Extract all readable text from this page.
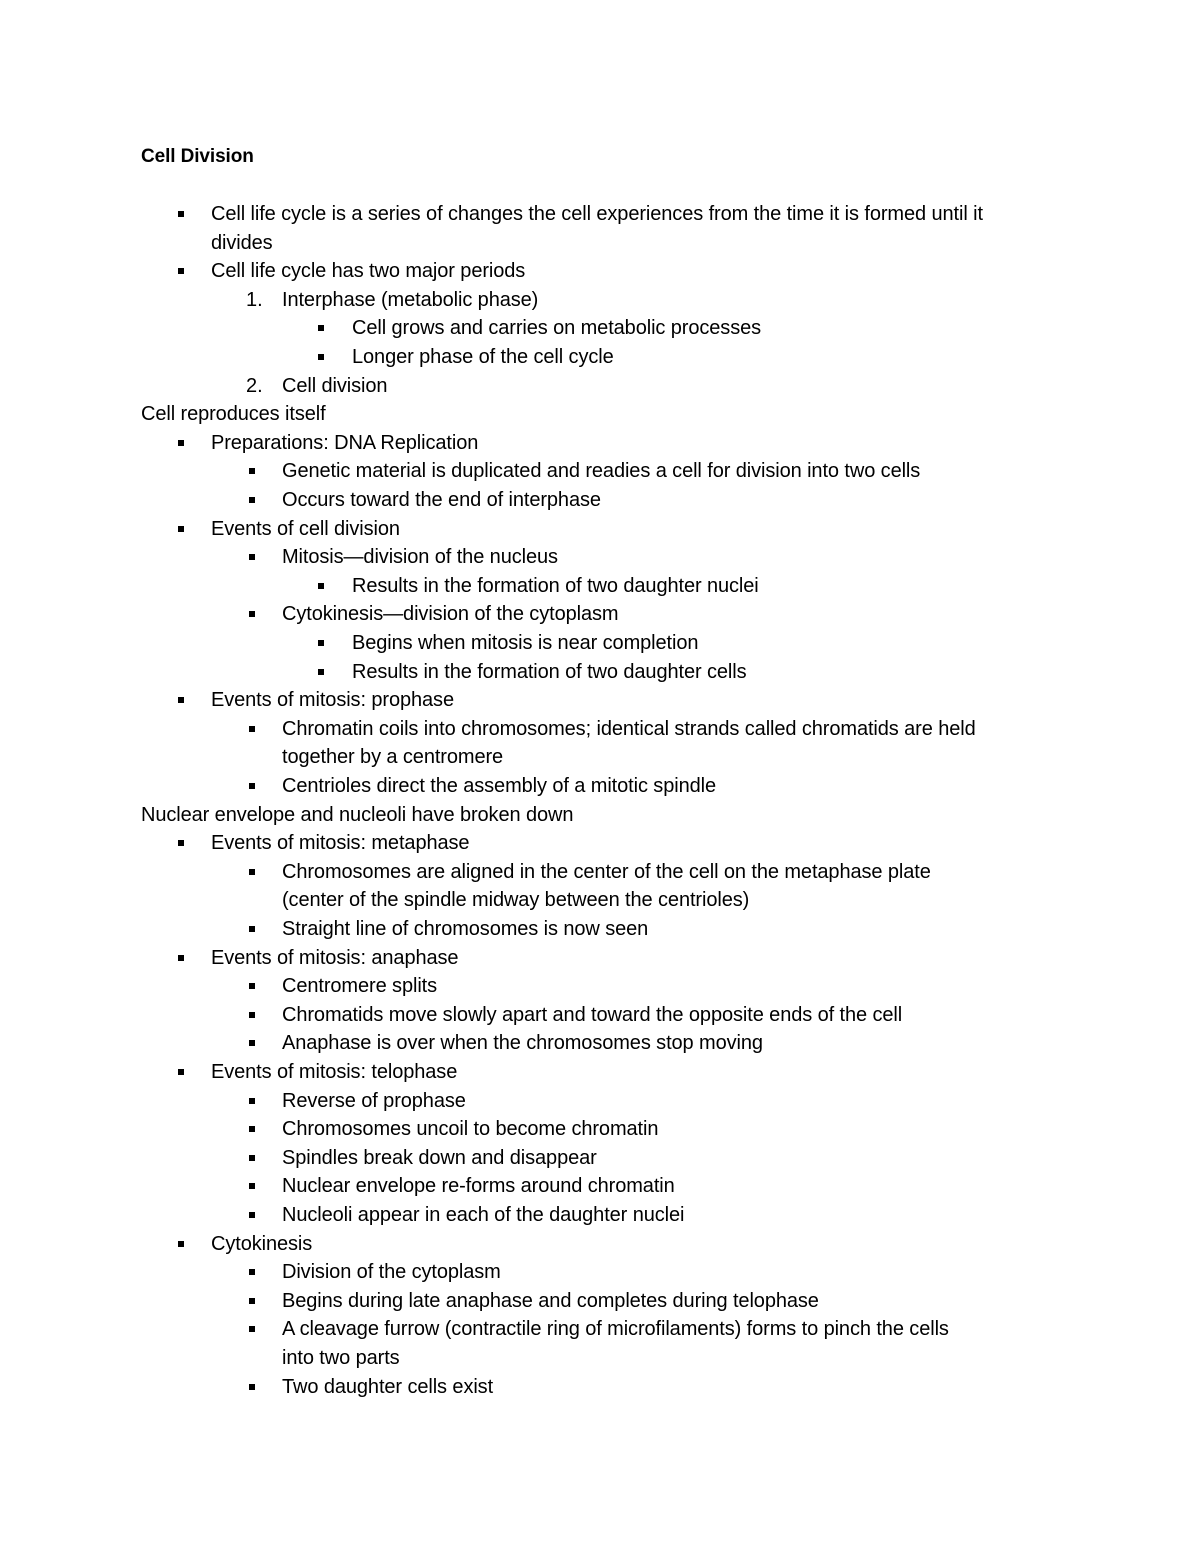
Cell Division
Cell life cycle is a series of changes the cell experiences from the time it is formed until it
divides
Cell life cycle has two major periods
Interphase (metabolic phase)
1.
Cell grows and carries on metabolic processes
Longer phase of the cell cycle
Cell division
2.
Cell reproduces itself
Preparations: DNA Replication
Genetic material is duplicated and readies a cell for division into two cells
Occurs toward the end of interphase
Events of cell division
Mitosis—division of the nucleus
Results in the formation of two daughter nuclei
Cytokinesis—division of the cytoplasm
Begins when mitosis is near completion
Results in the formation of two daughter cells
Events of mitosis: prophase
Chromatin coils into chromosomes; identical strands called chromatids are held
together by a centromere
Centrioles direct the assembly of a mitotic spindle
Nuclear envelope and nucleoli have broken down
Events of mitosis: metaphase
Chromosomes are aligned in the center of the cell on the metaphase plate
(center of the spindle midway between the centrioles)
Straight line of chromosomes is now seen
Events of mitosis: anaphase
Centromere splits
Chromatids move slowly apart and toward the opposite ends of the cell
Anaphase is over when the chromosomes stop moving
Events of mitosis: telophase
Reverse of prophase
Chromosomes uncoil to become chromatin
Spindles break down and disappear
Nuclear envelope re-forms around chromatin
Nucleoli appear in each of the daughter nuclei
Cytokinesis
Division of the cytoplasm
Begins during late anaphase and completes during telophase
A cleavage furrow (contractile ring of microfilaments) forms to pinch the cells
into two parts
Two daughter cells exist
